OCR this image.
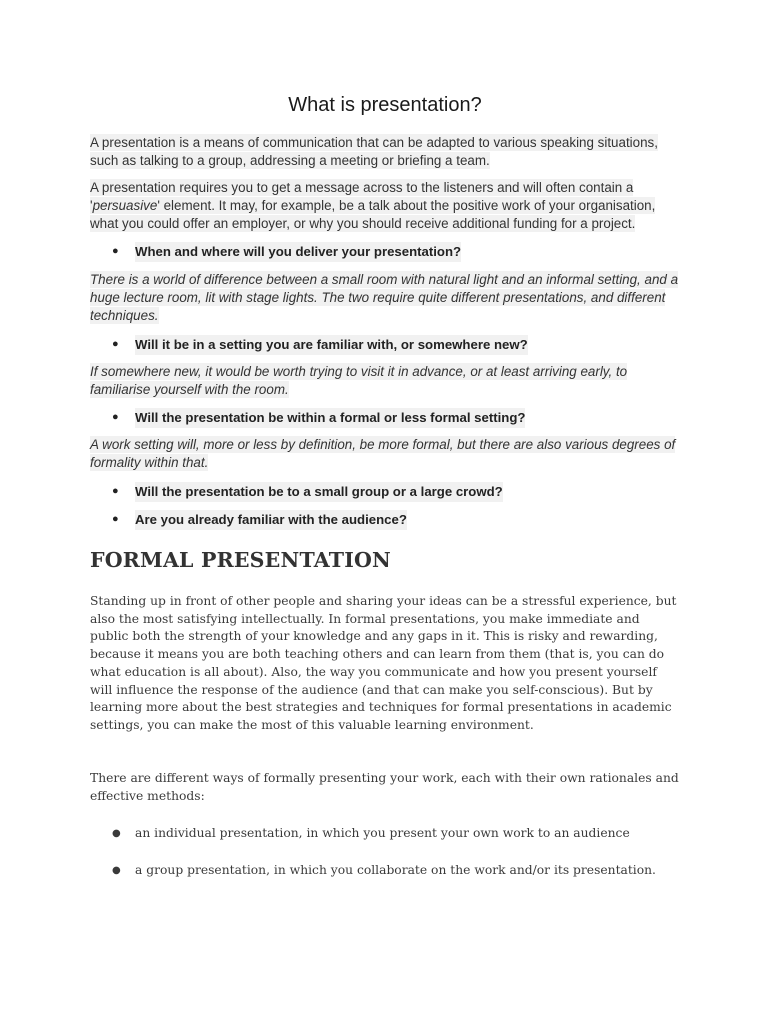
What is presentation?
A presentation is a means of communication that can be adapted to various speaking situations, such as talking to a group, addressing a meeting or briefing a team.
A presentation requires you to get a message across to the listeners and will often contain a 'persuasive' element. It may, for example, be a talk about the positive work of your organisation, what you could offer an employer, or why you should receive additional funding for a project.
● When and where will you deliver your presentation?
There is a world of difference between a small room with natural light and an informal setting, and a huge lecture room, lit with stage lights. The two require quite different presentations, and different techniques.
● Will it be in a setting you are familiar with, or somewhere new?
If somewhere new, it would be worth trying to visit it in advance, or at least arriving early, to familiarise yourself with the room.
● Will the presentation be within a formal or less formal setting?
A work setting will, more or less by definition, be more formal, but there are also various degrees of formality within that.
● Will the presentation be to a small group or a large crowd?
● Are you already familiar with the audience?
FORMAL PRESENTATION
Standing up in front of other people and sharing your ideas can be a stressful experience, but also the most satisfying intellectually. In formal presentations, you make immediate and public both the strength of your knowledge and any gaps in it. This is risky and rewarding, because it means you are both teaching others and can learn from them (that is, you can do what education is all about). Also, the way you communicate and how you present yourself will influence the response of the audience (and that can make you self-conscious). But by learning more about the best strategies and techniques for formal presentations in academic settings, you can make the most of this valuable learning environment.
There are different ways of formally presenting your work, each with their own rationales and effective methods:
● an individual presentation, in which you present your own work to an audience
● a group presentation, in which you collaborate on the work and/or its presentation.
